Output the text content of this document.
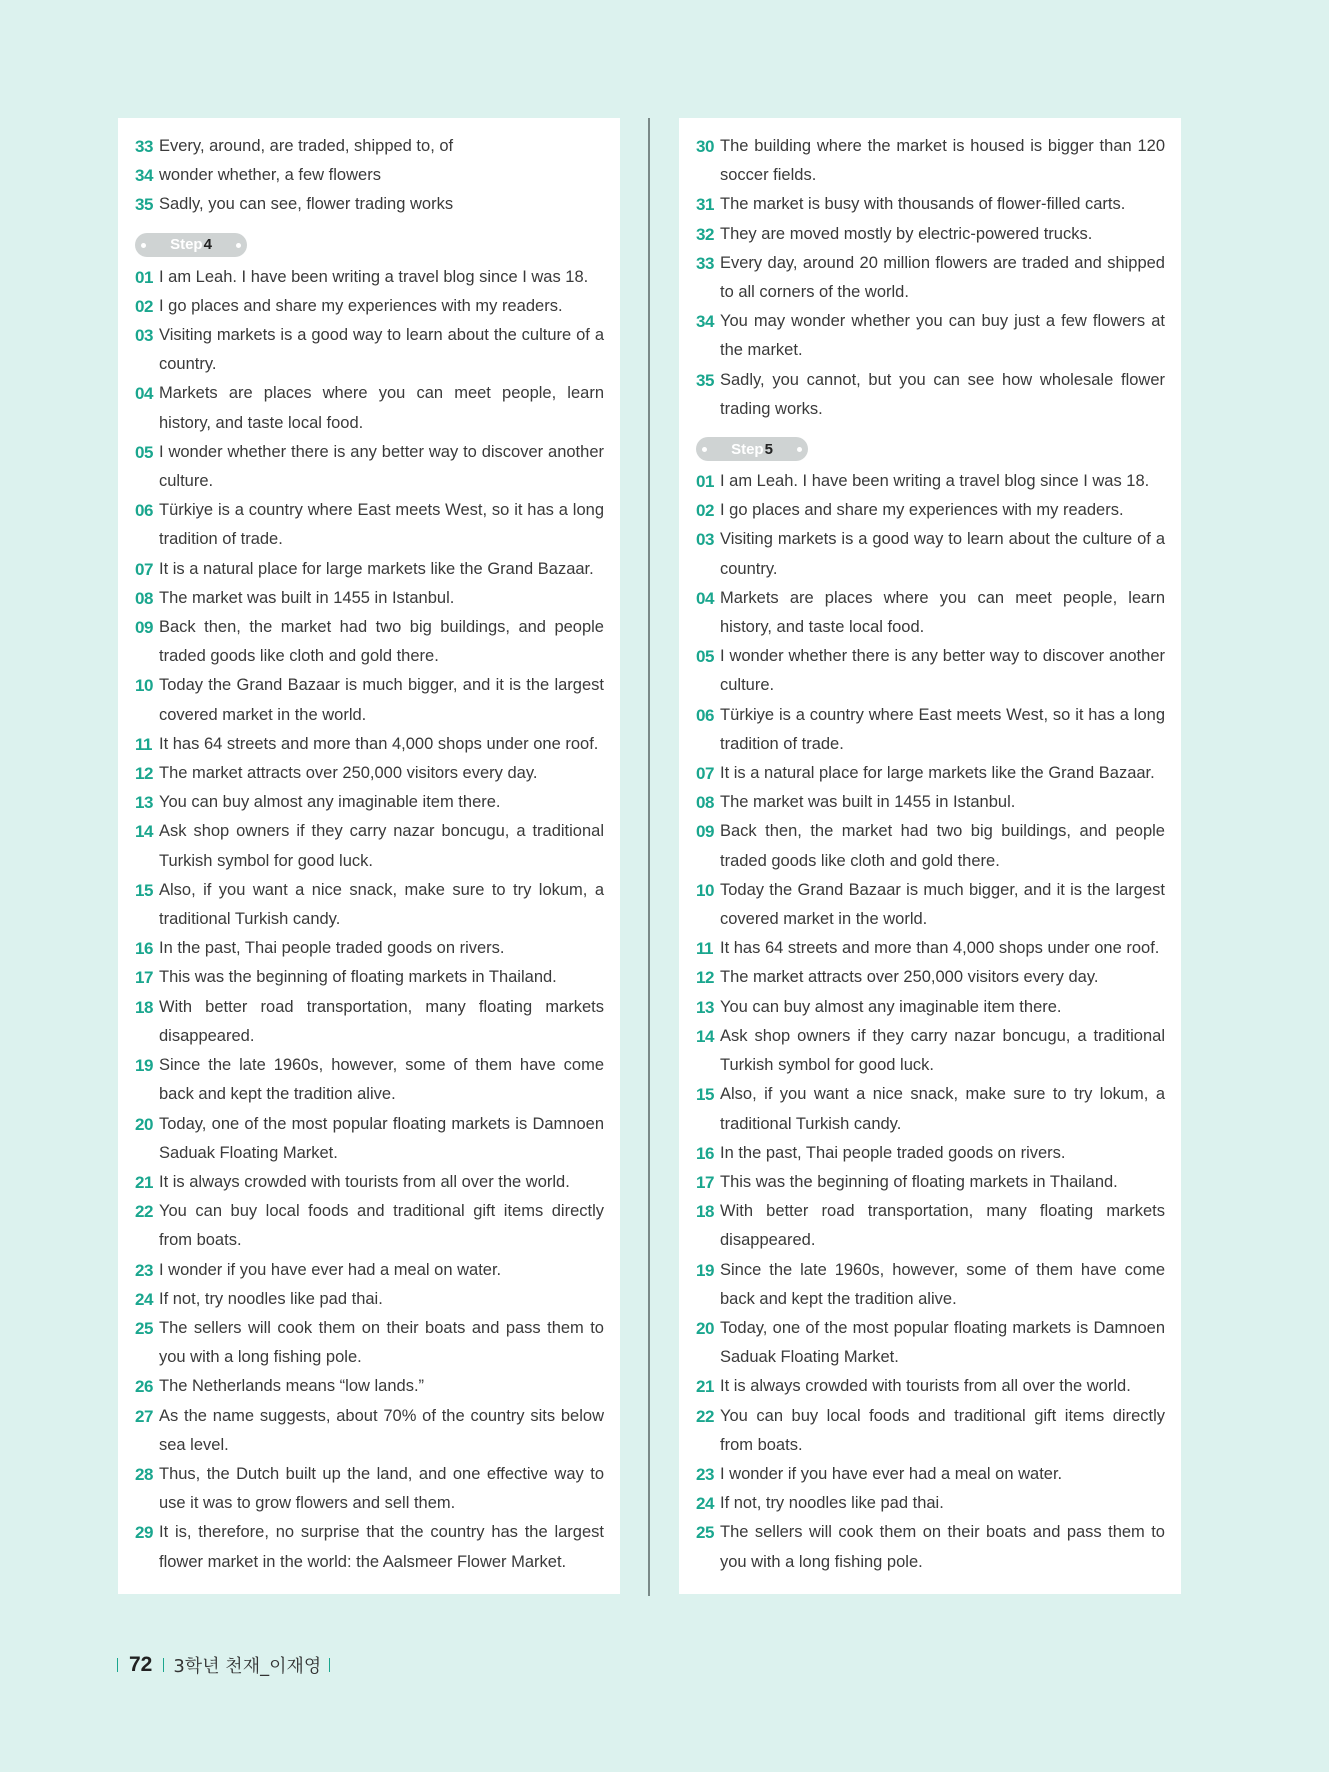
33 Every, around, are traded, shipped to, of
34 wonder whether, a few flowers
35 Sadly, you can see, flower trading works
Step 4
01 I am Leah. I have been writing a travel blog since I was 18.
02 I go places and share my experiences with my readers.
03 Visiting markets is a good way to learn about the culture of a country.
04 Markets are places where you can meet people, learn history, and taste local food.
05 I wonder whether there is any better way to discover another culture.
06 Türkiye is a country where East meets West, so it has a long tradition of trade.
07 It is a natural place for large markets like the Grand Bazaar.
08 The market was built in 1455 in Istanbul.
09 Back then, the market had two big buildings, and people traded goods like cloth and gold there.
10 Today the Grand Bazaar is much bigger, and it is the largest covered market in the world.
11 It has 64 streets and more than 4,000 shops under one roof.
12 The market attracts over 250,000 visitors every day.
13 You can buy almost any imaginable item there.
14 Ask shop owners if they carry nazar boncugu, a traditional Turkish symbol for good luck.
15 Also, if you want a nice snack, make sure to try lokum, a traditional Turkish candy.
16 In the past, Thai people traded goods on rivers.
17 This was the beginning of floating markets in Thailand.
18 With better road transportation, many floating markets disappeared.
19 Since the late 1960s, however, some of them have come back and kept the tradition alive.
20 Today, one of the most popular floating markets is Damnoen Saduak Floating Market.
21 It is always crowded with tourists from all over the world.
22 You can buy local foods and traditional gift items directly from boats.
23 I wonder if you have ever had a meal on water.
24 If not, try noodles like pad thai.
25 The sellers will cook them on their boats and pass them to you with a long fishing pole.
26 The Netherlands means “low lands.”
27 As the name suggests, about 70% of the country sits below sea level.
28 Thus, the Dutch built up the land, and one effective way to use it was to grow flowers and sell them.
29 It is, therefore, no surprise that the country has the largest flower market in the world: the Aalsmeer Flower Market.
30 The building where the market is housed is bigger than 120 soccer fields.
31 The market is busy with thousands of flower-filled carts.
32 They are moved mostly by electric-powered trucks.
33 Every day, around 20 million flowers are traded and shipped to all corners of the world.
34 You may wonder whether you can buy just a few flowers at the market.
35 Sadly, you cannot, but you can see how wholesale flower trading works.
Step 5
01 I am Leah. I have been writing a travel blog since I was 18.
02 I go places and share my experiences with my readers.
03 Visiting markets is a good way to learn about the culture of a country.
04 Markets are places where you can meet people, learn history, and taste local food.
05 I wonder whether there is any better way to discover another culture.
06 Türkiye is a country where East meets West, so it has a long tradition of trade.
07 It is a natural place for large markets like the Grand Bazaar.
08 The market was built in 1455 in Istanbul.
09 Back then, the market had two big buildings, and people traded goods like cloth and gold there.
10 Today the Grand Bazaar is much bigger, and it is the largest covered market in the world.
11 It has 64 streets and more than 4,000 shops under one roof.
12 The market attracts over 250,000 visitors every day.
13 You can buy almost any imaginable item there.
14 Ask shop owners if they carry nazar boncugu, a traditional Turkish symbol for good luck.
15 Also, if you want a nice snack, make sure to try lokum, a traditional Turkish candy.
16 In the past, Thai people traded goods on rivers.
17 This was the beginning of floating markets in Thailand.
18 With better road transportation, many floating markets disappeared.
19 Since the late 1960s, however, some of them have come back and kept the tradition alive.
20 Today, one of the most popular floating markets is Damnoen Saduak Floating Market.
21 It is always crowded with tourists from all over the world.
22 You can buy local foods and traditional gift items directly from boats.
23 I wonder if you have ever had a meal on water.
24 If not, try noodles like pad thai.
25 The sellers will cook them on their boats and pass them to you with a long fishing pole.
72 3학년 천재_이재영
